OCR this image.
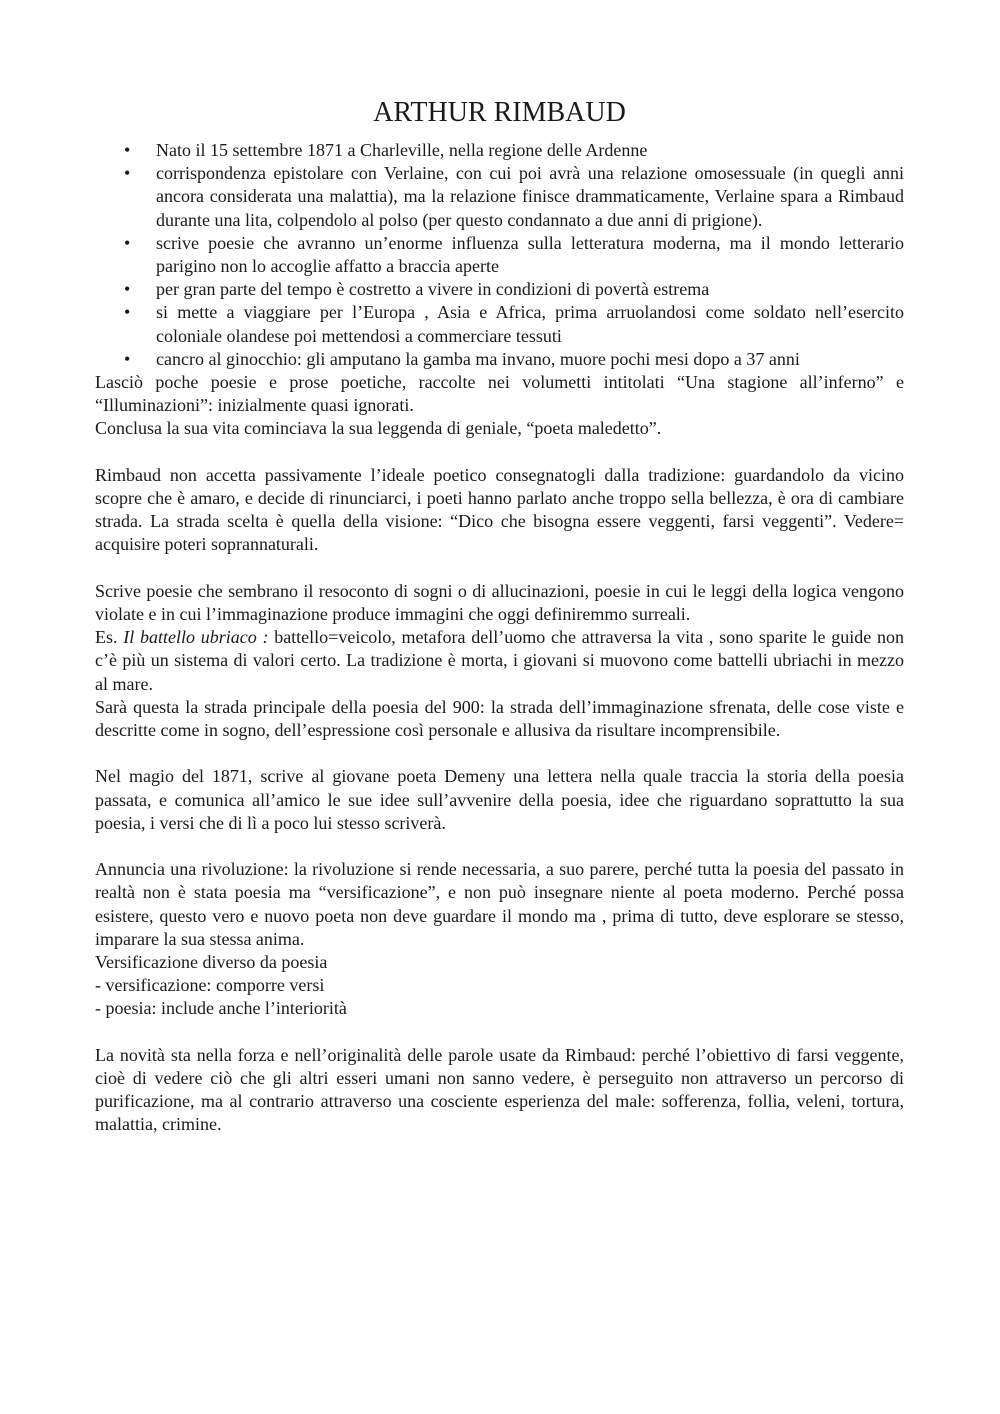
ARTHUR RIMBAUD
• Nato il 15 settembre 1871 a Charleville, nella regione delle Ardenne
• corrispondenza epistolare con Verlaine, con cui poi avrà una relazione omosessuale (in quegli anni ancora considerata una malattia), ma la relazione finisce drammaticamente, Verlaine spara a Rimbaud durante una lita, colpendolo al polso (per questo condannato a due anni di prigione).
• scrive poesie che avranno un’enorme influenza sulla letteratura moderna, ma il mondo letterario parigino non lo accoglie affatto a braccia aperte
• per gran parte del tempo è costretto a vivere in condizioni di povertà estrema
• si mette a viaggiare per l’Europa , Asia e Africa, prima arruolandosi come soldato nell’esercito coloniale olandese poi mettendosi a commerciare tessuti
• cancro al ginocchio: gli amputano la gamba ma invano, muore pochi mesi dopo a 37 anni

Lasciò poche poesie e prose poetiche, raccolte nei volumetti intitolati “Una stagione all’inferno” e “Illuminazioni”: inizialmente quasi ignorati.

Conclusa la sua vita cominciava la sua leggenda di geniale, “poeta maledetto”.

Rimbaud non accetta passivamente l’ideale poetico consegnatogli dalla tradizione: guardandolo da vicino scopre che è amaro, e decide di rinunciarci, i poeti hanno parlato anche troppo sella bellezza, è ora di cambiare strada. La strada scelta è quella della visione: “Dico che bisogna essere veggenti, farsi veggenti”. Vedere= acquisire poteri soprannaturali.

Scrive poesie che sembrano il resoconto di sogni o di allucinazioni, poesie in cui le leggi della logica vengono violate e in cui l’immaginazione produce immagini che oggi definiremmo surreali.

Es. Il battello ubriaco : battello=veicolo, metafora dell’uomo che attraversa la vita , sono sparite le guide non c’è più un sistema di valori certo. La tradizione è morta, i giovani si muovono come battelli ubriachi in mezzo al mare.

Sarà questa la strada principale della poesia del 900: la strada dell’immaginazione sfrenata, delle cose viste e descritte come in sogno, dell’espressione così personale e allusiva da risultare incomprensibile.

Nel magio del 1871, scrive al giovane poeta Demeny una lettera nella quale traccia la storia della poesia passata, e comunica all’amico le sue idee sull’avvenire della poesia, idee che riguardano soprattutto la sua poesia, i versi che di lì a poco lui stesso scriverà.

Annuncia una rivoluzione: la rivoluzione si rende necessaria, a suo parere, perché tutta la poesia del passato in realtà non è stata poesia ma “versificazione”, e non può insegnare niente al poeta moderno. Perché possa esistere, questo vero e nuovo poeta non deve guardare il mondo ma , prima di tutto, deve esplorare se stesso, imparare la sua stessa anima.

Versificazione diverso da poesia

- versificazione: comporre versi

- poesia: include anche l’interiorità

La novità sta nella forza e nell’originalità delle parole usate da Rimbaud: perché l’obiettivo di farsi veggente, cioè di vedere ciò che gli altri esseri umani non sanno vedere, è perseguito non attraverso un percorso di purificazione, ma al contrario attraverso una cosciente esperienza del male: sofferenza, follia, veleni, tortura, malattia, crimine.
